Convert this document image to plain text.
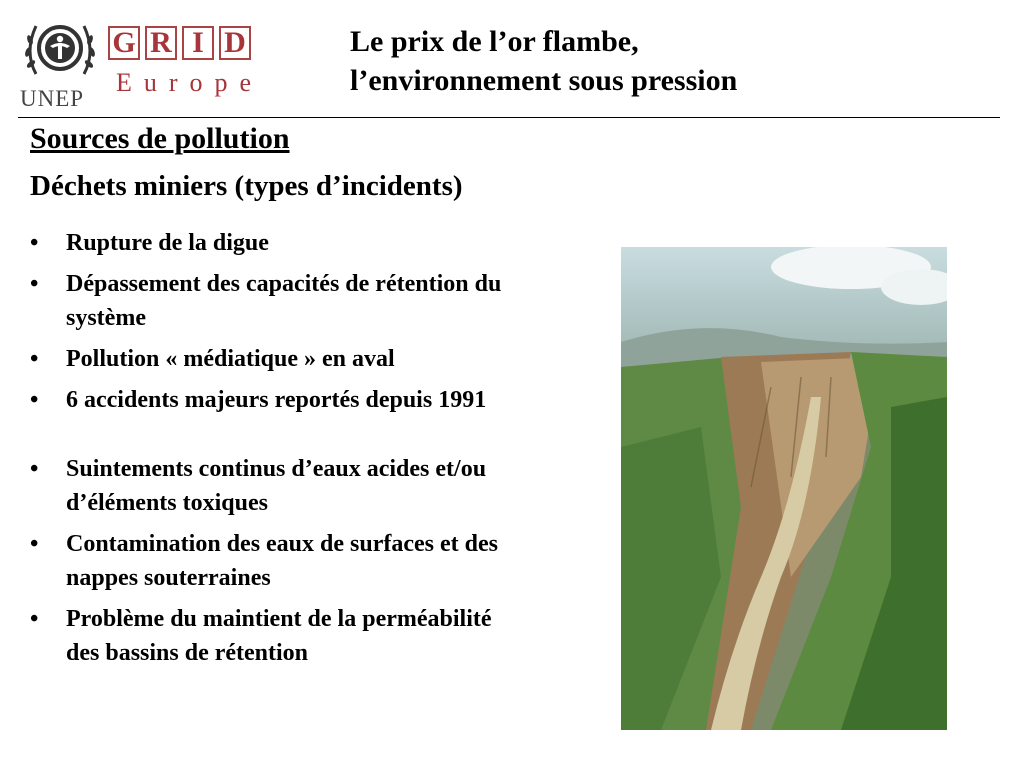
UNEP
G R I D
Europe
Le prix de l’or flambe,
l’environnement sous pression
Sources de pollution
Déchets miniers (types d’incidents)
• Rupture de la digue
• Dépassement des capacités de rétention du système
• Pollution « médiatique » en aval
• 6 accidents majeurs reportés depuis 1991
• Suintements continus d’eaux acides et/ou d’éléments toxiques
• Contamination des eaux de surfaces et des nappes souterraines
• Problème du maintient de la perméabilité des bassins de rétention
